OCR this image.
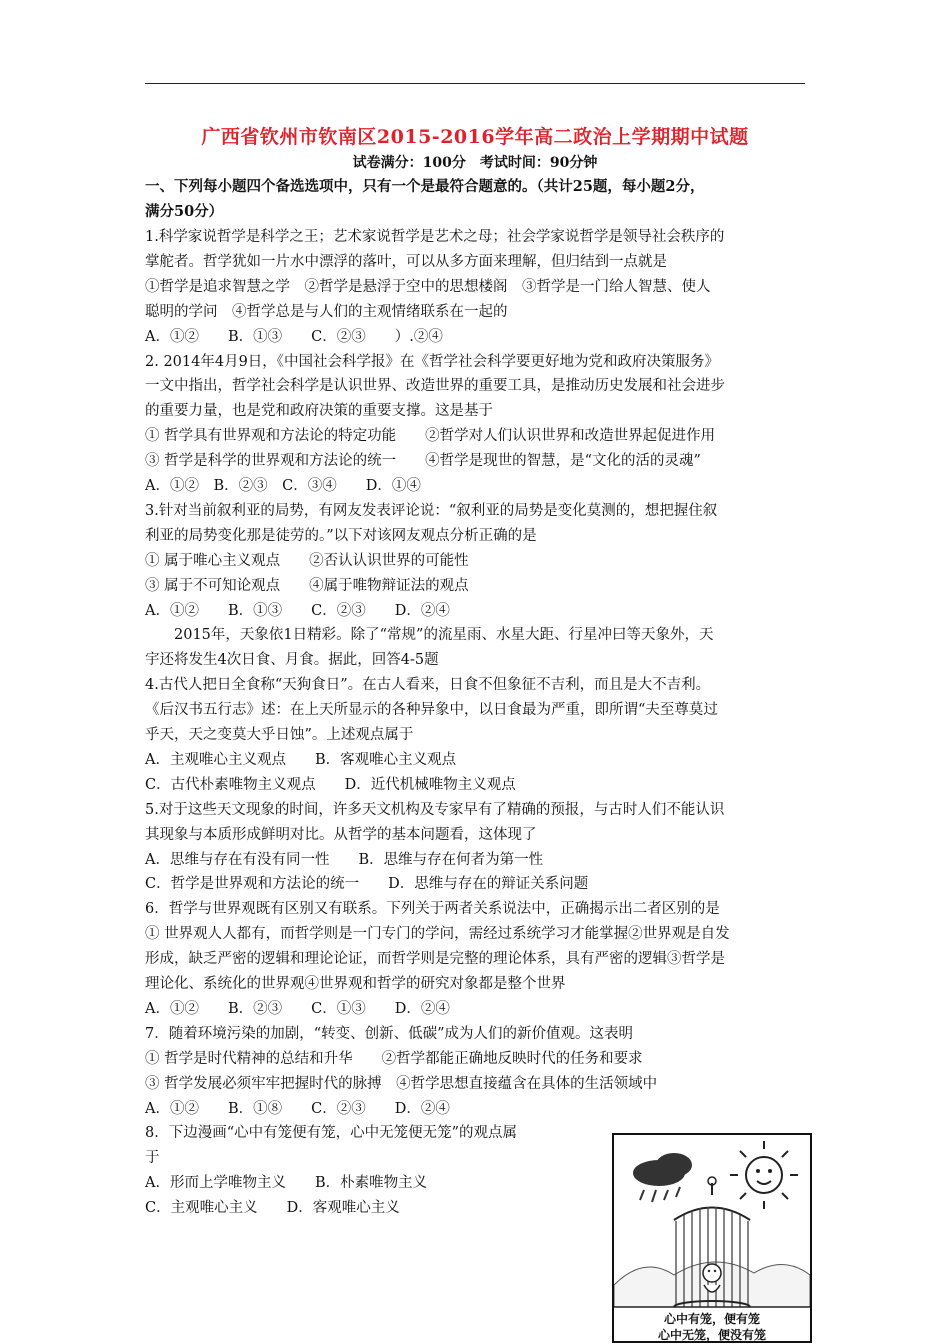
广西省钦州市钦南区2015-2016学年高二政治上学期期中试题
试卷满分：100分　考试时间：90分钟
一、下列每小题四个备选选项中，只有一个是最符合题意的。（共计25题，每小题2分，
满分50分）
1.科学家说哲学是科学之王；艺术家说哲学是艺术之母；社会学家说哲学是领导社会秩序的
掌舵者。哲学犹如一片水中漂浮的落叶，可以从多方面来理解，但归结到一点就是
①哲学是追求智慧之学　②哲学是悬浮于空中的思想楼阁　③哲学是一门给人智慧、使人
聪明的学问　④哲学总是与人们的主观情绪联系在一起的
A．①②　　B．①③　　C．②③　　）.②④
2. 2014年4月9日，《中国社会科学报》在《哲学社会科学要更好地为党和政府决策服务》
一文中指出，哲学社会科学是认识世界、改造世界的重要工具，是推动历史发展和社会进步
的重要力量，也是党和政府决策的重要支撑。这是基于
① 哲学具有世界观和方法论的特定功能　　②哲学对人们认识世界和改造世界起促进作用
③ 哲学是科学的世界观和方法论的统一　　④哲学是现世的智慧，是“文化的活的灵魂”
A．①②　B．②③　C．③④　　D．①④
3.针对当前叙利亚的局势，有网友发表评论说：“叙利亚的局势是变化莫测的，想把握住叙
利亚的局势变化那是徒劳的。”以下对该网友观点分析正确的是
① 属于唯心主义观点　　②否认认识世界的可能性
③ 属于不可知论观点　　④属于唯物辩证法的观点
A．①②　　B．①③　　C．②③　　D．②④
　　2015年，天象依1日精彩。除了“常规”的流星雨、水星大距、行星冲曰等天象外，天
宇还将发生4次日食、月食。据此，回答4-5题
4.古代人把日全食称“天狗食日”。在古人看来，日食不但象征不吉利，而且是大不吉利。
《后汉书五行志》述：在上天所显示的各种异象中，以日食最为严重，即所谓“夫至尊莫过
乎天，天之变莫大乎日蚀”。上述观点属于
A．主观唯心主义观点　　B．客观唯心主义观点
C．古代朴素唯物主义观点　　D．近代机械唯物主义观点
5.对于这些天文现象的时间，许多天文机构及专家早有了精确的预报，与古时人们不能认识
其现象与本质形成鲜明对比。从哲学的基本问题看，这体现了
A．思维与存在有没有同一性　　B．思维与存在何者为第一性
C．哲学是世界观和方法论的统一　　D．思维与存在的辩证关系问题
6．哲学与世界观既有区别又有联系。下列关于两者关系说法中，正确揭示出二者区别的是
① 世界观人人都有，而哲学则是一门专门的学问，需经过系统学习才能掌握②世界观是自发
形成，缺乏严密的逻辑和理论论证，而哲学则是完整的理论体系，具有严密的逻辑③哲学是
理论化、系统化的世界观④世界观和哲学的研究对象都是整个世界
A．①②　　B．②③　　C．①③　　D．②④
7．随着环境污染的加剧，“转变、创新、低碳”成为人们的新价值观。这表明
① 哲学是时代精神的总结和升华　　②哲学都能正确地反映时代的任务和要求
③ 哲学发展必须牢牢把握时代的脉搏　④哲学思想直接蕴含在具体的生活领域中
A．①②　　B．①⑧　　C．②③　　D．②④
8．下边漫画“心中有笼便有笼，心中无笼便无笼”的观点属
于
A．形而上学唯物主义　　B．朴素唯物主义
C．主观唯心主义　　D．客观唯心主义
心中有笼，便有笼
心中无笼，便没有笼
